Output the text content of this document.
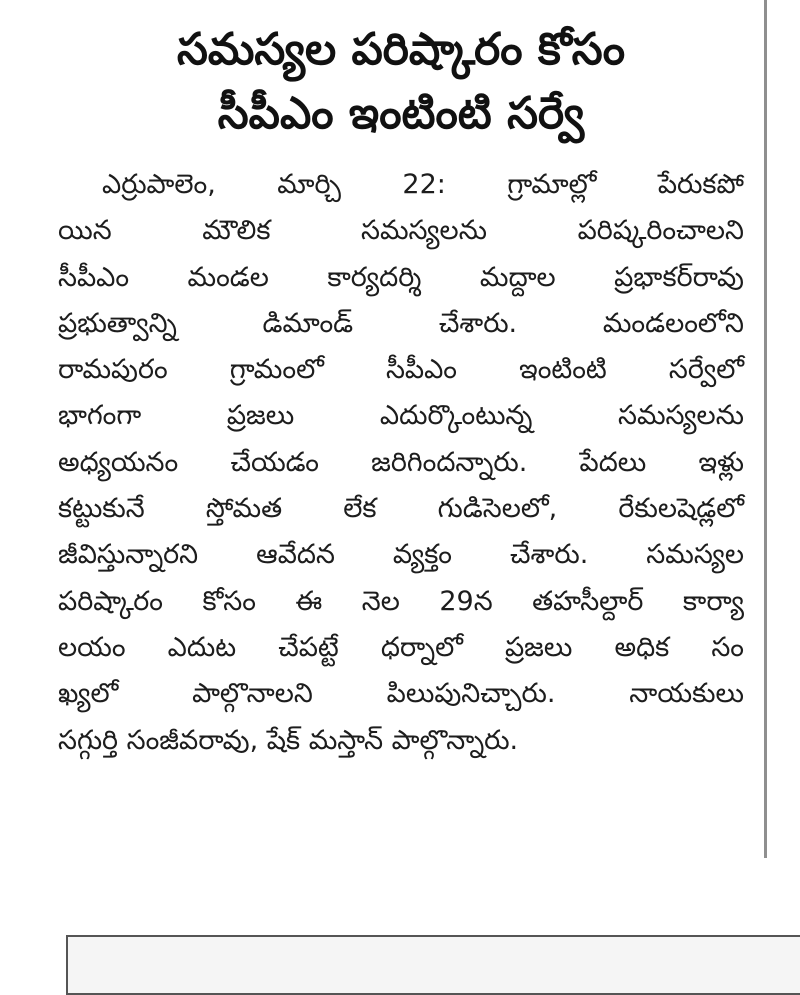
సమస్యల పరిష్కారం కోసం
సీపీఎం ఇంటింటి సర్వే
ఎర్రుపాలెం, మార్చి 22: గ్రామాల్లో పేరుకపో
యిన మౌలిక సమస్యలను పరిష్కరించాలని
సీపీఎం మండల కార్యదర్శి మద్దాల ప్రభాకర్‌రావు
ప్రభుత్వాన్ని డిమాండ్ చేశారు. మండలంలోని
రామపురం గ్రామంలో సీపీఎం ఇంటింటి సర్వేలో
భాగంగా ప్రజలు ఎదుర్కొంటున్న సమస్యలను
అధ్యయనం చేయడం జరిగిందన్నారు. పేదలు ఇళ్లు
కట్టుకునే స్తోమత లేక గుడిసెలలో, రేకులషెడ్లలో
జీవిస్తున్నారని ఆవేదన వ్యక్తం చేశారు. సమస్యల
పరిష్కారం కోసం ఈ నెల 29న తహసీల్దార్ కార్యా
లయం ఎదుట చేపట్టే ధర్నాలో ప్రజలు అధిక సం
ఖ్యలో పాల్గొనాలని పిలుపునిచ్చారు. నాయకులు
సగ్గుర్తి సంజీవరావు, షేక్ మస్తాన్ పాల్గొన్నారు.
